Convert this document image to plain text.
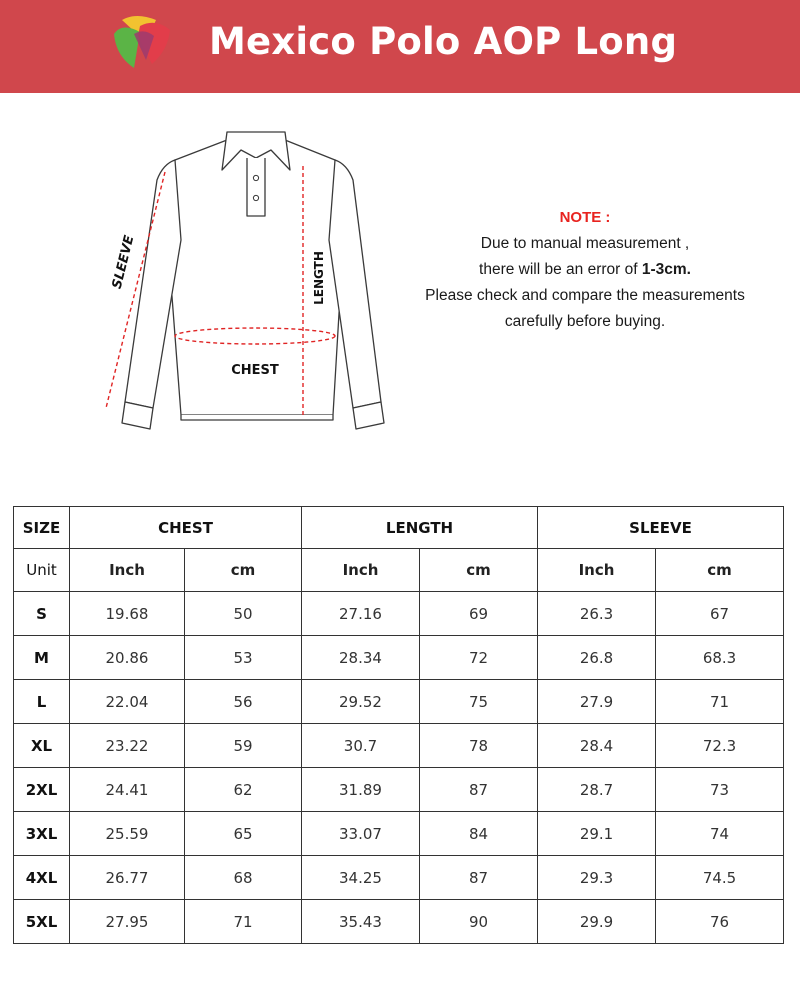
Mexico Polo AOP Long
SLEEVE	LENGTH
CHEST
NOTE :
Due to manual measurement ,
there will be an error of 1-3cm.
Please check and compare the measurements
carefully before buying.
SIZE	CHEST		LENGTH		SLEEVE	
Unit	Inch	cm	Inch	cm	Inch	cm
S	19.68	50	27.16	69	26.3	67
M	20.86	53	28.34	72	26.8	68.3
L	22.04	56	29.52	75	27.9	71
XL	23.22	59	30.7	78	28.4	72.3
2XL	24.41	62	31.89	87	28.7	73
3XL	25.59	65	33.07	84	29.1	74
4XL	26.77	68	34.25	87	29.3	74.5
5XL	27.95	71	35.43	90	29.9	76
